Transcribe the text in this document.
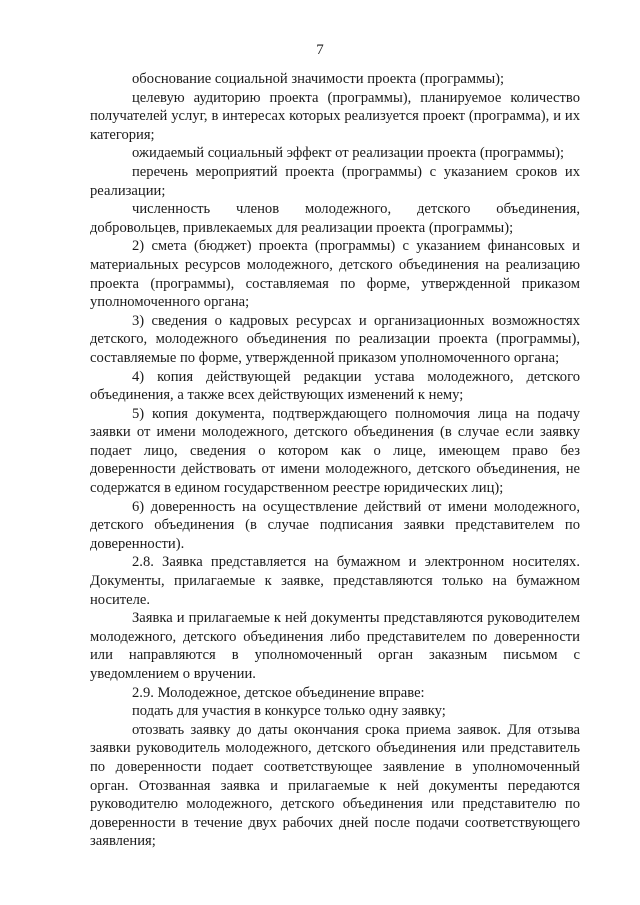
7

обоснование социальной значимости проекта (программы);

целевую аудиторию проекта (программы), планируемое количество получателей услуг, в интересах которых реализуется проект (программа), и их категория;

ожидаемый социальный эффект от реализации проекта (программы);

перечень мероприятий проекта (программы) с указанием сроков их реализации;

численность членов молодежного, детского объединения, добровольцев, привлекаемых для реализации проекта (программы);

2) смета (бюджет) проекта (программы) с указанием финансовых и материальных ресурсов молодежного, детского объединения на реализацию проекта (программы), составляемая по форме, утвержденной приказом уполномоченного органа;

3) сведения о кадровых ресурсах и организационных возможностях детского, молодежного объединения по реализации проекта (программы), составляемые по форме, утвержденной приказом уполномоченного органа;

4) копия действующей редакции устава молодежного, детского объединения, а также всех действующих изменений к нему;

5) копия документа, подтверждающего полномочия лица на подачу заявки от имени молодежного, детского объединения (в случае если заявку подает лицо, сведения о котором как о лице, имеющем право без доверенности действовать от имени молодежного, детского объединения, не содержатся в едином государственном реестре юридических лиц);

6) доверенность на осуществление действий от имени молодежного, детского объединения (в случае подписания заявки представителем по доверенности).

2.8. Заявка представляется на бумажном и электронном носителях. Документы, прилагаемые к заявке, представляются только на бумажном носителе.

Заявка и прилагаемые к ней документы представляются руководителем молодежного, детского объединения либо представителем по доверенности или направляются в уполномоченный орган заказным письмом с уведомлением о вручении.

2.9. Молодежное, детское объединение вправе:

подать для участия в конкурсе только одну заявку;

отозвать заявку до даты окончания срока приема заявок. Для отзыва заявки руководитель молодежного, детского объединения или представитель по доверенности подает соответствующее заявление в уполномоченный орган. Отозванная заявка и прилагаемые к ней документы передаются руководителю молодежного, детского объединения или представителю по доверенности в течение двух рабочих дней после подачи соответствующего заявления;
